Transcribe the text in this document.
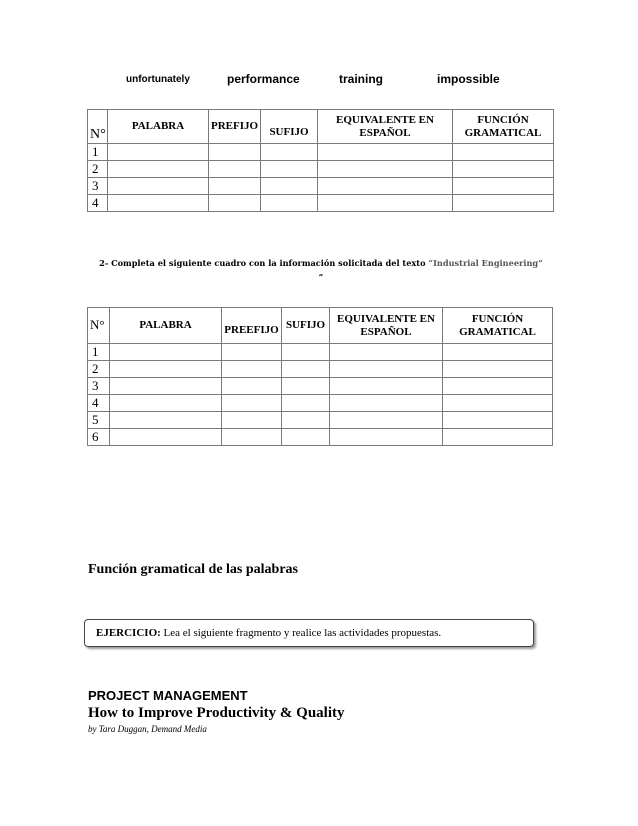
unfortunately	performance	training	impossible
N°	PALABRA	PREFIJO	SUFIJO	EQUIVALENTE EN ESPAÑOL	FUNCIÓN GRAMATICAL
1					
2					
3					
4					
2- Completa el siguiente cuadro con la información solicitada del texto “Industrial Engineering”
”
N°	PALABRA	PREEFIJO	SUFIJO	EQUIVALENTE EN ESPAÑOL	FUNCIÓN GRAMATICAL
1					
2					
3					
4					
5					
6					
Función gramatical de las palabras
EJERCICIO: Lea el siguiente fragmento y realice las actividades propuestas.
PROJECT MANAGEMENT
How to Improve Productivity & Quality
by Tara Duggan, Demand Media
